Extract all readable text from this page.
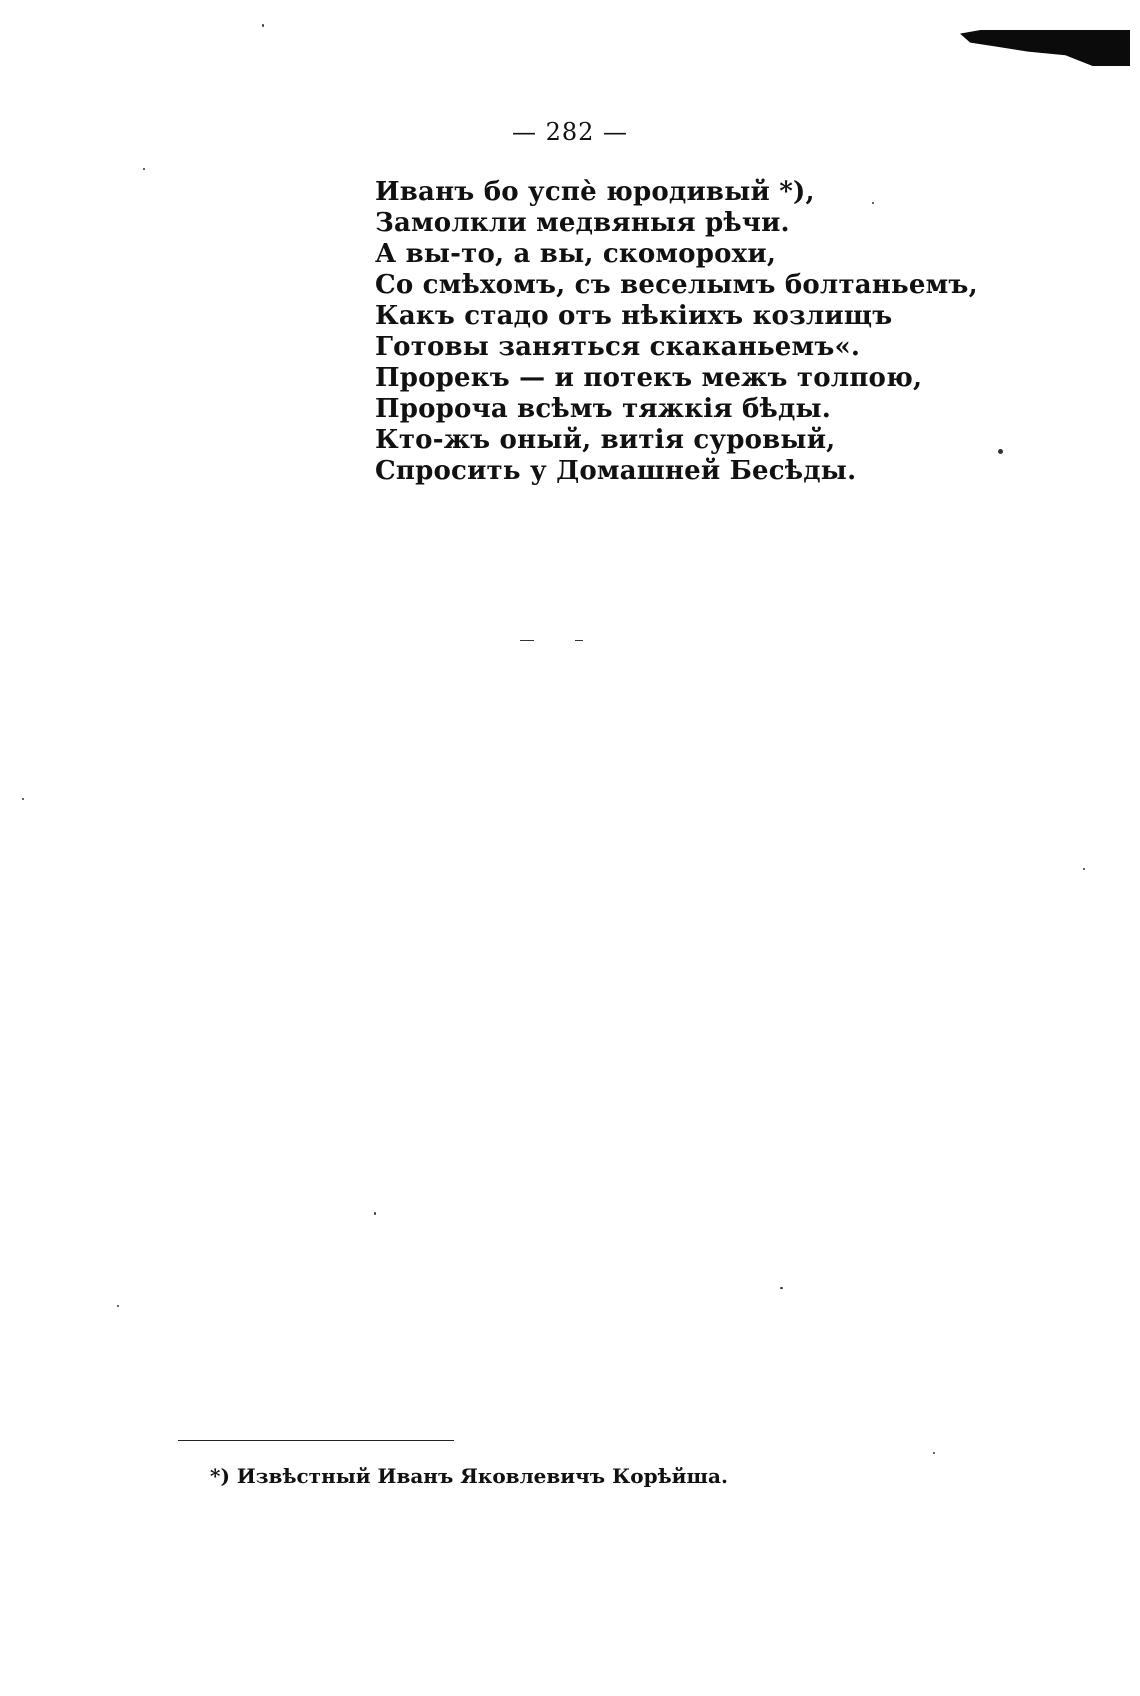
— 282 —
Иванъ бо успѐ юродивый *),
Замолкли медвяныя рѣчи.
А вы-то, а вы, скоморохи,
Со смѣхомъ, съ веселымъ болтаньемъ,
Какъ стадо отъ нѣкіихъ козлищъ
Готовы заняться скаканьемъ«.
Прорекъ — и потекъ межъ толпою,
Пророча всѣмъ тяжкія бѣды.
Кто-жъ оный, витія суровый,
Спросить у Домашней Бесѣды.
*) Извѣстный Иванъ Яковлевичъ Корѣйша.
